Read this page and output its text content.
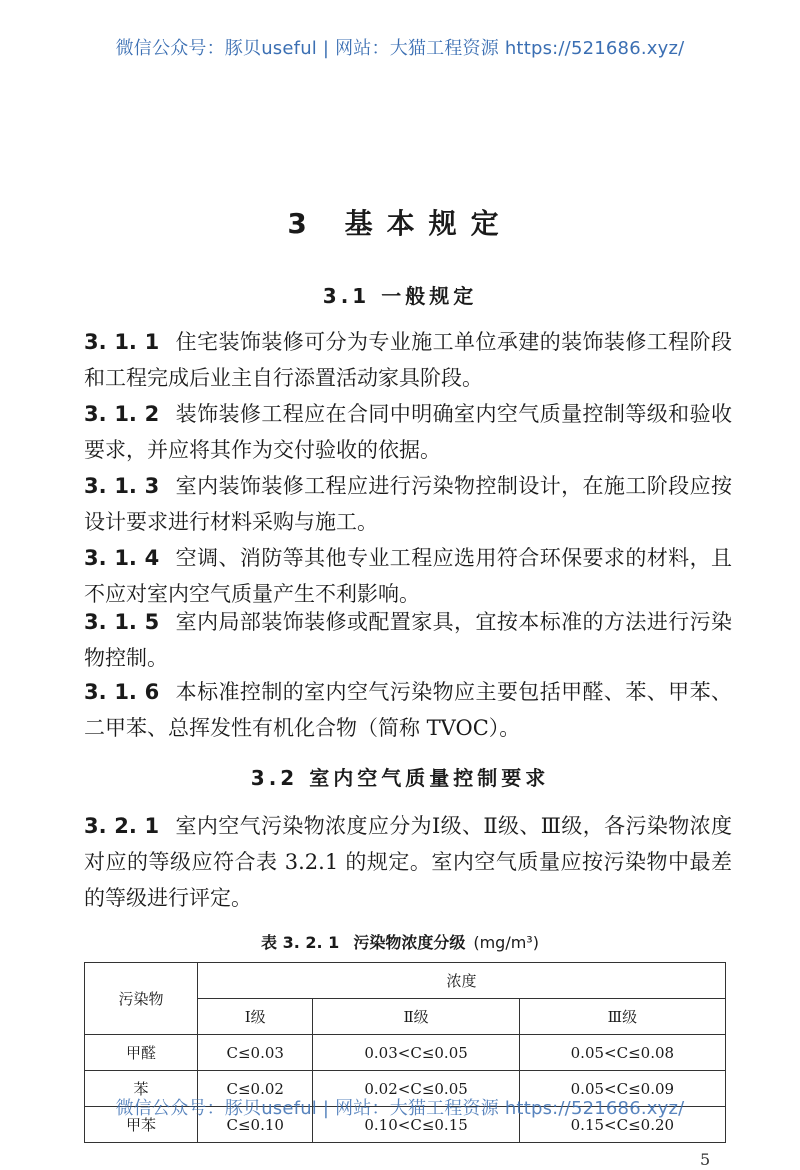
微信公众号：豚贝useful | 网站：大猫工程资源 https://521686.xyz/
3 基本规定
3.1 一般规定
3. 1. 1 住宅装饰装修可分为专业施工单位承建的装饰装修工程阶段和工程完成后业主自行添置活动家具阶段。
3. 1. 2 装饰装修工程应在合同中明确室内空气质量控制等级和验收要求，并应将其作为交付验收的依据。
3. 1. 3 室内装饰装修工程应进行污染物控制设计，在施工阶段应按设计要求进行材料采购与施工。
3. 1. 4 空调、消防等其他专业工程应选用符合环保要求的材料，且不应对室内空气质量产生不利影响。
3. 1. 5 室内局部装饰装修或配置家具，宜按本标准的方法进行污染物控制。
3. 1. 6 本标准控制的室内空气污染物应主要包括甲醛、苯、甲苯、二甲苯、总挥发性有机化合物（简称 TVOC）。
3.2 室内空气质量控制要求
3. 2. 1 室内空气污染物浓度应分为Ⅰ级、Ⅱ级、Ⅲ级，各污染物浓度对应的等级应符合表 3.2.1 的规定。室内空气质量应按污染物中最差的等级进行评定。
表 3. 2. 1 污染物浓度分级 (mg/m³)
污染物	浓度		
	Ⅰ级	Ⅱ级	Ⅲ级
甲醛	C≤0.03	0.03<C≤0.05	0.05<C≤0.08
苯	C≤0.02	0.02<C≤0.05	0.05<C≤0.09
甲苯	C≤0.10	0.10<C≤0.15	0.15<C≤0.20
微信公众号：豚贝useful | 网站：大猫工程资源 https://521686.xyz/
5
